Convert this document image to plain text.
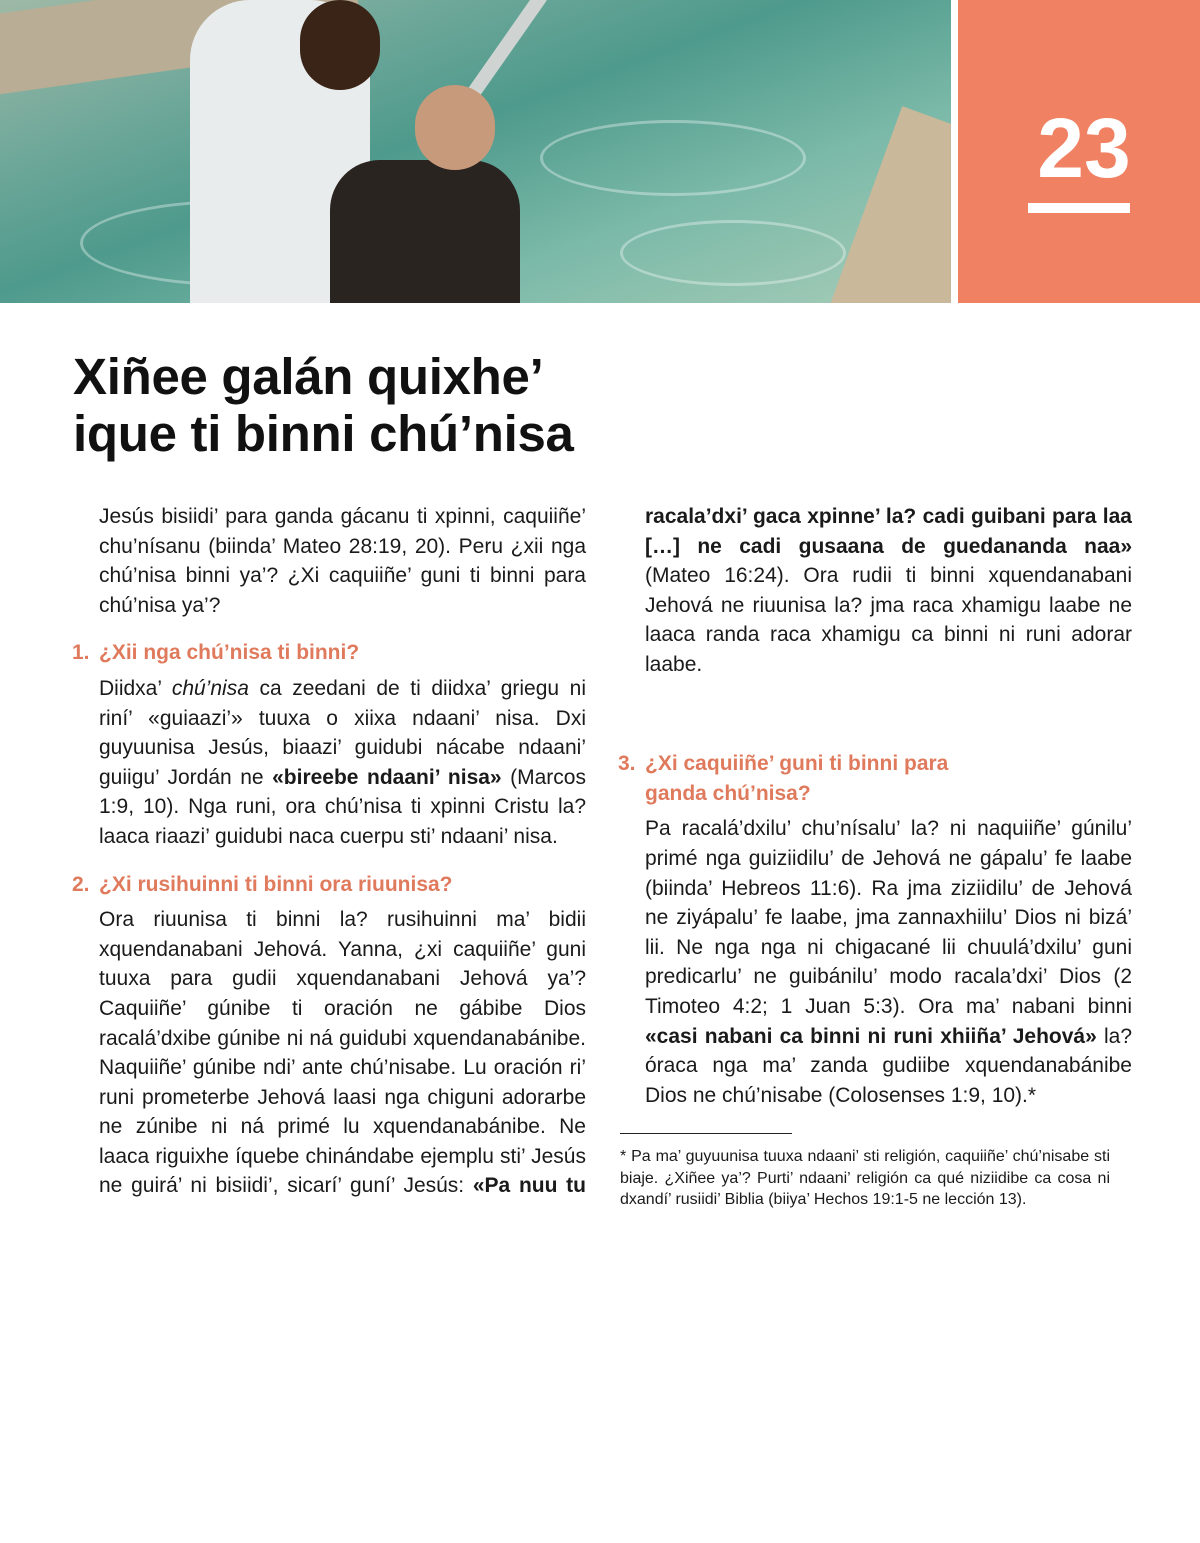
23
Xiñee galán quixhe’
ique ti binni chú’nisa

Jesús bisiidi’ para ganda gácanu ti xpinni, caquiiñe’ chu’nísanu (biinda’ Mateo 28:19, 20). Peru ¿xii nga chú’nisa binni ya’? ¿Xi caquiiñe’ guni ti binni para chú’nisa ya’?

1. ¿Xii nga chú’nisa ti binni?

Diidxa’ chú’nisa ca zeedani de ti diidxa’ griegu ni riní’ «guiaazi’» tuuxa o xiixa ndaani’ nisa. Dxi guyuunisa Jesús, biaazi’ guidubi nácabe ndaani’ guiigu’ Jordán ne «bireebe ndaani’ nisa» (Marcos 1:9, 10). Nga runi, ora chú’nisa ti xpinni Cristu la? laaca riaazi’ guidubi naca cuerpu sti’ ndaani’ nisa.

2. ¿Xi rusihuinni ti binni ora riuunisa?

Ora riuunisa ti binni la? rusihuinni ma’ bidii xquendanabani Jehová. Yanna, ¿xi caquiiñe’ guni tuuxa para gudii xquendanabani Jehová ya’? Caquiiñe’ gúnibe ti oración ne gábibe Dios racalá’dxibe gúnibe ni ná guidubi xquendanabánibe. Naquiiñe’ gúnibe ndi’ ante chú’nisabe. Lu oración ri’ runi prometerbe Jehová laasi nga chiguni adorarbe ne zúnibe ni ná primé lu xquendanabánibe. Ne laaca riguixhe íquebe chinándabe ejemplu sti’ Jesús ne guirá’ ni bisiidi’, sicarí’ guní’ Jesús: «Pa nuu tu

racala’dxi’ gaca xpinne’ la? cadi guibani para laa […] ne cadi gusaana de guedananda naa» (Mateo 16:24). Ora rudii ti binni xquendanabani Jehová ne riuunisa la? jma raca xhamigu laabe ne laaca randa raca xhamigu ca binni ni runi adorar laabe.

3. ¿Xi caquiiñe’ guni ti binni para ganda chú’nisa?

Pa racalá’dxilu’ chu’nísalu’ la? ni naquiiñe’ gúnilu’ primé nga guiziidilu’ de Jehová ne gápalu’ fe laabe (biinda’ Hebreos 11:6). Ra jma ziziidilu’ de Jehová ne ziyápalu’ fe laabe, jma zannaxhiilu’ Dios ni bizá’ lii. Ne nga nga ni chigacané lii chuulá’dxilu’ guni predicarlu’ ne guibánilu’ modo racala’dxi’ Dios (2 Timoteo 4:2; 1 Juan 5:3). Ora ma’ nabani binni «casi nabani ca binni ni runi xhiiña’ Jehová» la? óraca nga ma’ zanda gudiibe xquendanabánibe Dios ne chú’nisabe (Colosenses 1:9, 10).*

* Pa ma’ guyuunisa tuuxa ndaani’ sti religión, caquiiñe’ chú’nisabe sti biaje. ¿Xiñee ya’? Purti’ ndaani’ religión ca qué niziidibe ca cosa ni dxandí’ rusiidi’ Biblia (biiya’ Hechos 19:1-5 ne lección 13).
